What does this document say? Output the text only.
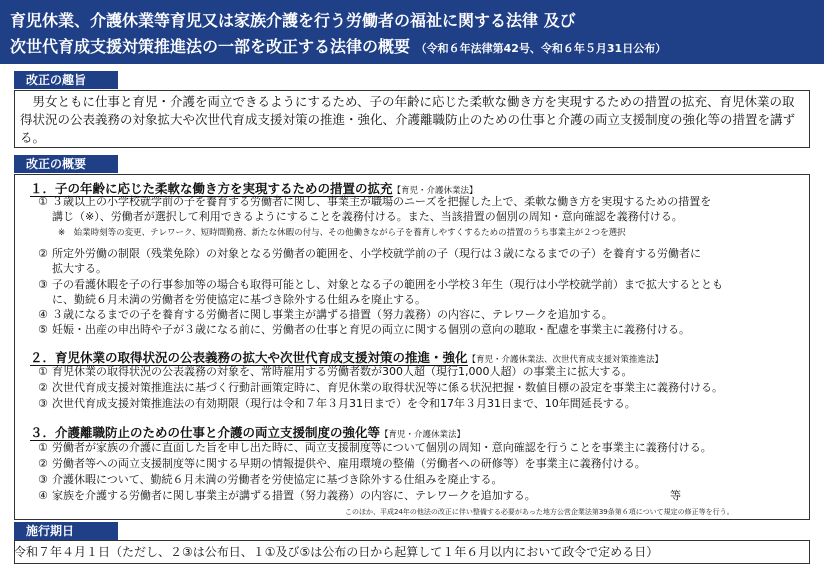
育児休業、介護休業等育児又は家族介護を行う労働者の福祉に関する法律 及び
次世代育成支援対策推進法の一部を改正する法律の概要 （令和６年法律第42号、令和６年５月31日公布）
改正の趣旨
男女ともに仕事と育児・介護を両立できるようにするため、子の年齢に応じた柔軟な働き方を実現するための措置の拡充、育児休業の取得状況の公表義務の対象拡大や次世代育成支援対策の推進・強化、介護離職防止のための仕事と介護の両立支援制度の強化等の措置を講ずる。
改正の概要
１．子の年齢に応じた柔軟な働き方を実現するための措置の拡充【育児・介護休業法】
① ３歳以上の小学校就学前の子を養育する労働者に関し、事業主が職場のニーズを把握した上で、柔軟な働き方を実現するための措置を
講じ（※）、労働者が選択して利用できるようにすることを義務付ける。また、当該措置の個別の周知・意向確認を義務付ける。
※　始業時刻等の変更、テレワーク、短時間勤務、新たな休暇の付与、その他働きながら子を養育しやすくするための措置のうち事業主が２つを選択
② 所定外労働の制限（残業免除）の対象となる労働者の範囲を、小学校就学前の子（現行は３歳になるまでの子）を養育する労働者に
拡大する。
③ 子の看護休暇を子の行事参加等の場合も取得可能とし、対象となる子の範囲を小学校３年生（現行は小学校就学前）まで拡大するととも
に、勤続６月未満の労働者を労使協定に基づき除外する仕組みを廃止する。
④ ３歳になるまでの子を養育する労働者に関し事業主が講ずる措置（努力義務）の内容に、テレワークを追加する。
⑤ 妊娠・出産の申出時や子が３歳になる前に、労働者の仕事と育児の両立に関する個別の意向の聴取・配慮を事業主に義務付ける。
２．育児休業の取得状況の公表義務の拡大や次世代育成支援対策の推進・強化【育児・介護休業法、次世代育成支援対策推進法】
① 育児休業の取得状況の公表義務の対象を、常時雇用する労働者数が300人超（現行1,000人超）の事業主に拡大する。
② 次世代育成支援対策推進法に基づく行動計画策定時に、育児休業の取得状況等に係る状況把握・数値目標の設定を事業主に義務付ける。
③ 次世代育成支援対策推進法の有効期限（現行は令和７年３月31日まで）を令和17年３月31日まで、10年間延長する。
３．介護離職防止のための仕事と介護の両立支援制度の強化等【育児・介護休業法】
① 労働者が家族の介護に直面した旨を申し出た時に、両立支援制度等について個別の周知・意向確認を行うことを事業主に義務付ける。
② 労働者等への両立支援制度等に関する早期の情報提供や、雇用環境の整備（労働者への研修等）を事業主に義務付ける。
③ 介護休暇について、勤続６月未満の労働者を労使協定に基づき除外する仕組みを廃止する。
④ 家族を介護する労働者に関し事業主が講ずる措置（努力義務）の内容に、テレワークを追加する。	等
このほか、平成24年の他法の改正に伴い整備する必要があった地方公営企業法第39条第６項について規定の修正等を行う。
施行期日
令和７年４月１日（ただし、２③は公布日、１①及び⑤は公布の日から起算して１年６月以内において政令で定める日）
